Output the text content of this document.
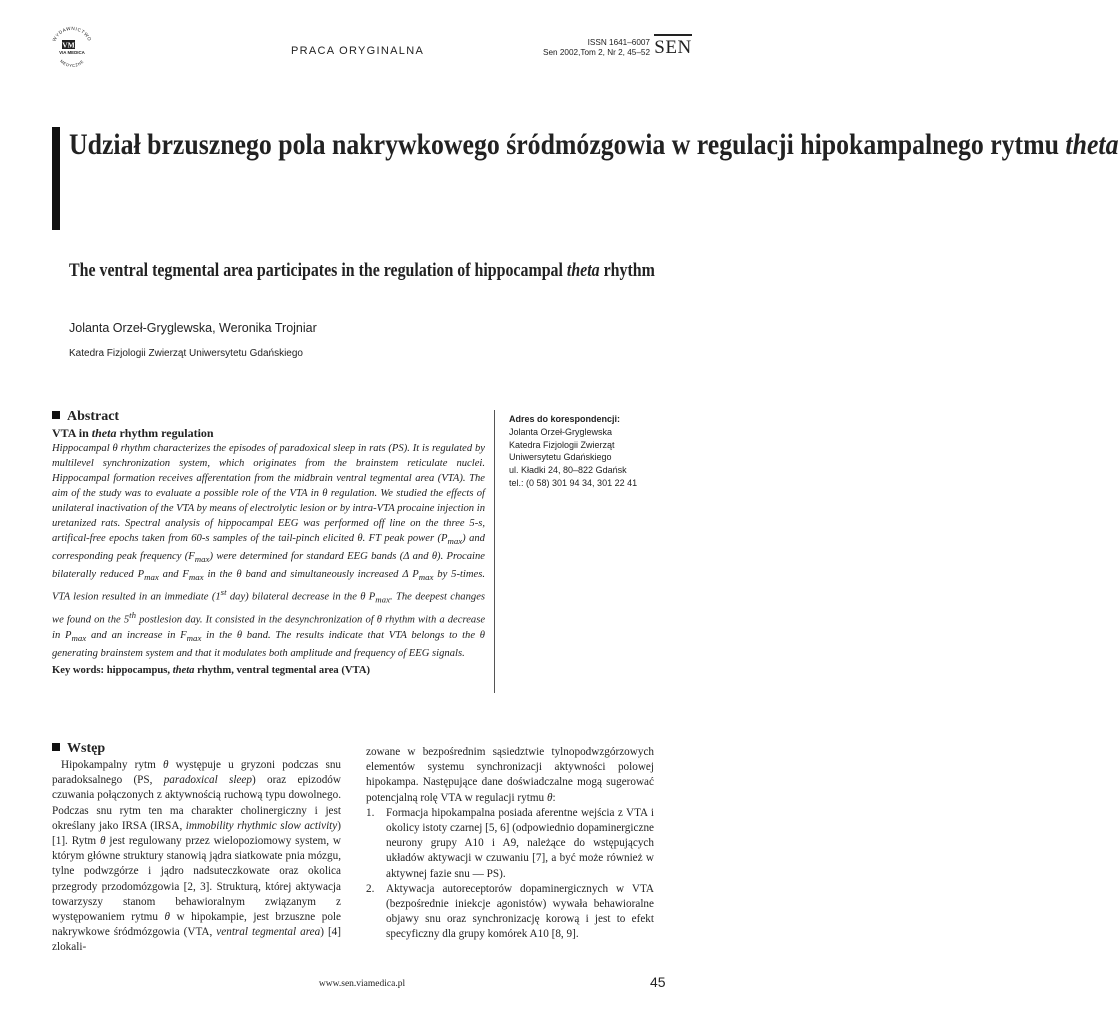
WYDAWNICTWO
VM
VIA MEDICA
MEDYCZNE
PRACA ORYGINALNA
ISSN 1641–6007
Sen 2002,Tom 2, Nr 2, 45–52 SEN
Udział brzusznego pola nakrywkowego śródmózgowia w regulacji hipokampalnego rytmu theta
The ventral tegmental area participates in the regulation of hippocampal theta rhythm
Jolanta Orzeł-Gryglewska, Weronika Trojniar
Katedra Fizjologii Zwierząt Uniwersytetu Gdańskiego
Abstract
VTA in theta rhythm regulation
Hippocampal θ rhythm characterizes the episodes of paradoxical sleep in rats (PS). It is regulated by multilevel synchronization system, which originates from the brainstem reticulate nuclei. Hippocampal formation receives afferentation from the midbrain ventral tegmental area (VTA). The aim of the study was to evaluate a possible role of the VTA in θ regulation. We studied the effects of unilateral inactivation of the VTA by means of electrolytic lesion or by intra-VTA procaine injection in uretanized rats. Spectral analysis of hippocampal EEG was performed off line on the three 5-s, artifical-free epochs taken from 60-s samples of the tail-pinch elicited θ. FT peak power $(P_{max})$ and corresponding peak frequency $(F_{max})$ were determined for standard EEG bands (Δ and θ). Procaine bilaterally reduced $P_{max}$ and $F_{max}$ in the θ band and simultaneously increased Δ $P_{max}$ by 5-times. VTA lesion resulted in an immediate (1st day) bilateral decrease in the θ $P_{max}$. The deepest changes we found on the 5th postlesion day. It consisted in the desynchronization of θ rhythm with a decrease in $P_{max}$ and an increase in $F_{max}$ in the θ band. The results indicate that VTA belongs to the θ generating brainstem system and that it modulates both amplitude and frequency of EEG signals.
Key words: hippocampus, theta rhythm, ventral tegmental area (VTA)
Adres do korespondencji:
Jolanta Orzeł-Gryglewska
Katedra Fizjologii Zwierząt
Uniwersytetu Gdańskiego
ul. Kładki 24, 80–822 Gdańsk
tel.: (0 58) 301 94 34, 301 22 41
Wstęp

Hipokampalny rytm θ występuje u gryzoni podczas snu paradoksalnego (PS, paradoxical sleep) oraz epizodów czuwania połączonych z aktywnością ruchową typu dowolnego. Podczas snu rytm ten ma charakter cholinergiczny i jest określany jako IRSA (IRSA, immobility rhythmic slow activity) [1]. Rytm θ jest regulowany przez wielopoziomowy system, w którym główne struktury stanowią jądra siatkowate pnia mózgu, tylne podwzgórze i jądro nadsuteczkowate oraz okolica przegrody przodomózgowia [2, 3]. Strukturą, której aktywacja towarzyszy stanom behawioralnym związanym z występowaniem rytmu θ w hipokampie, jest brzuszne pole nakrywkowe śródmózgowia (VTA, ventral tegmental area) [4] zlokali-

zowane w bezpośrednim sąsiedztwie tylnopodwzgórzowych elementów systemu synchronizacji aktywności polowej hipokampa. Następujące dane doświadczalne mogą sugerować potencjalną rolę VTA w regulacji rytmu θ:

1.	Formacja hipokampalna posiada aferentne wejścia z VTA i okolicy istoty czarnej [5, 6] (odpowiednio dopaminergiczne neurony grupy A10 i A9, należące do wstępujących układów aktywacji w czuwaniu [7], a być może również w aktywnej fazie snu — PS).
2.	Aktywacja autoreceptorów dopaminergicznych w VTA (bezpośrednie iniekcje agonistów) wywała behawioralne objawy snu oraz synchronizację korową i jest to efekt specyficzny dla grupy komórek A10 [8, 9].
www.sen.viamedica.pl	45
